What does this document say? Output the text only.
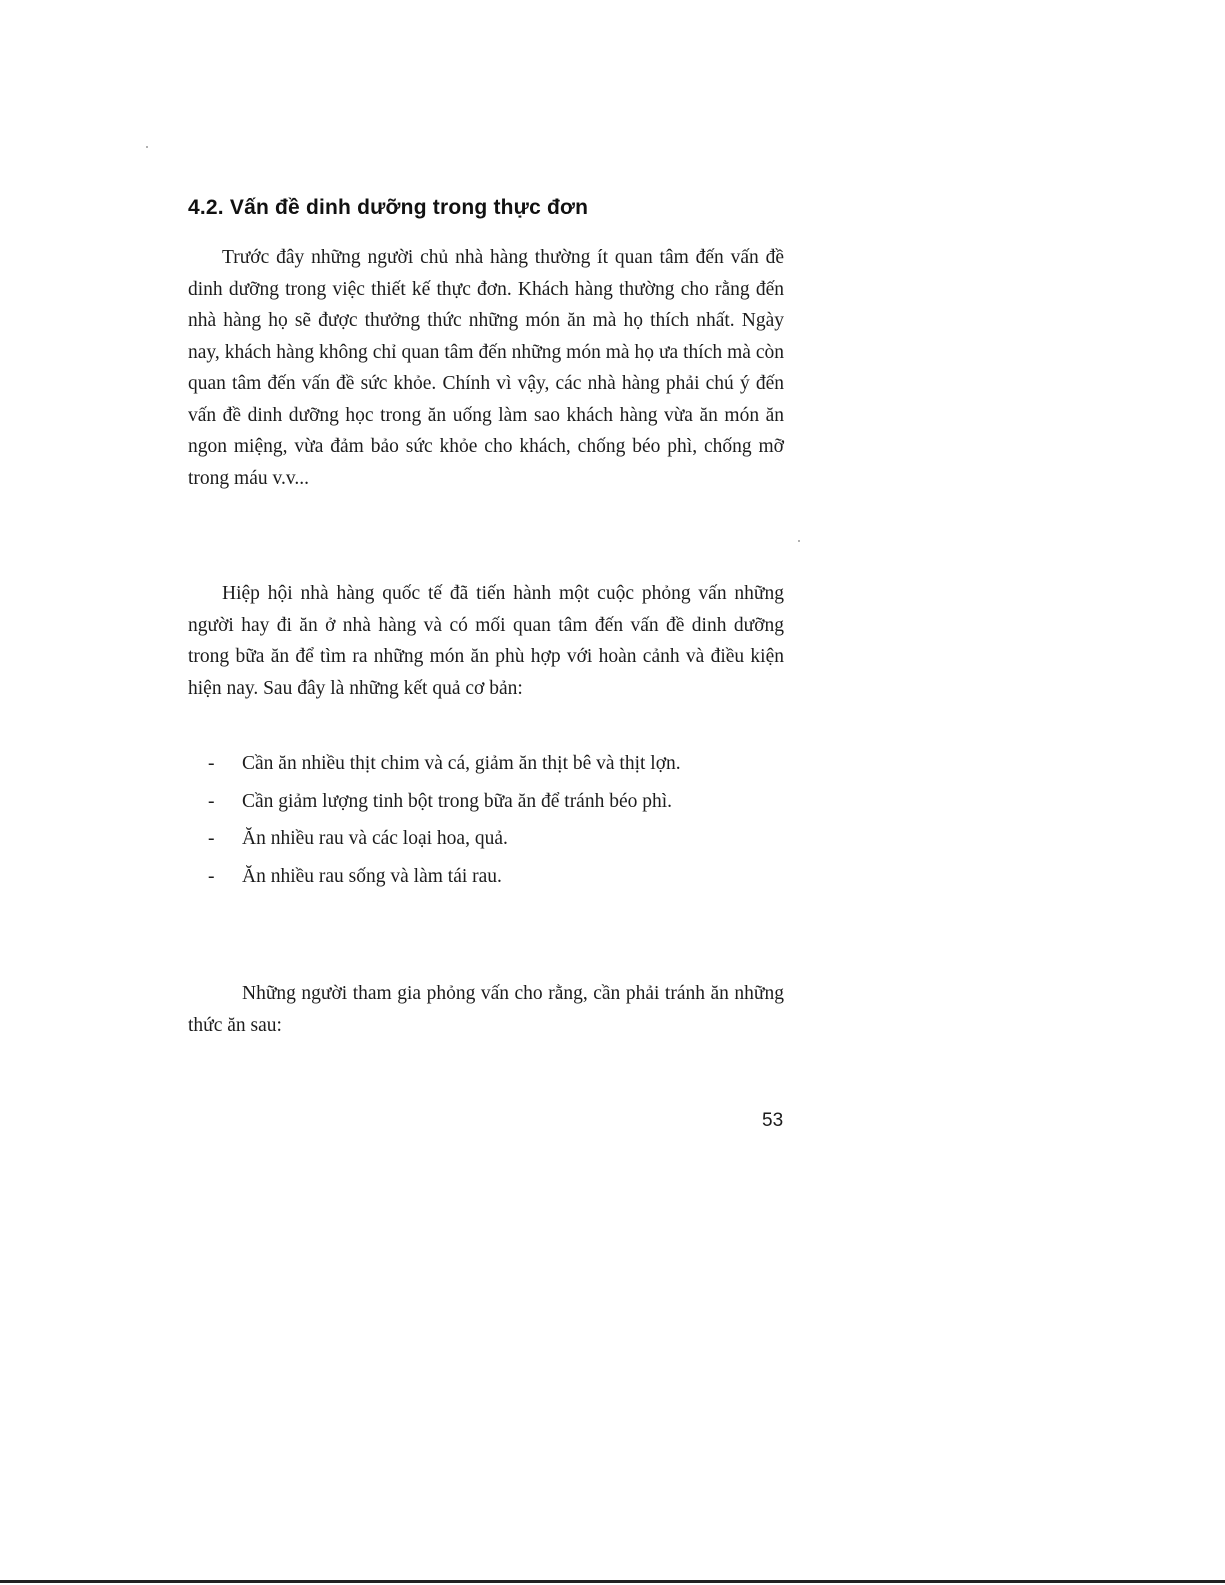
4.2. Vấn đề dinh dưỡng trong thực đơn

Trước đây những người chủ nhà hàng thường ít quan tâm đến vấn đề dinh dưỡng trong việc thiết kế thực đơn. Khách hàng thường cho rằng đến nhà hàng họ sẽ được thưởng thức những món ăn mà họ thích nhất. Ngày nay, khách hàng không chỉ quan tâm đến những món mà họ ưa thích mà còn quan tâm đến vấn đề sức khỏe. Chính vì vậy, các nhà hàng phải chú ý đến vấn đề dinh dưỡng học trong ăn uống làm sao khách hàng vừa ăn món ăn ngon miệng, vừa đảm bảo sức khỏe cho khách, chống béo phì, chống mỡ trong máu v.v...

Hiệp hội nhà hàng quốc tế đã tiến hành một cuộc phỏng vấn những người hay đi ăn ở nhà hàng và có mối quan tâm đến vấn đề dinh dưỡng trong bữa ăn để tìm ra những món ăn phù hợp với hoàn cảnh và điều kiện hiện nay. Sau đây là những kết quả cơ bản:

- Cần ăn nhiều thịt chim và cá, giảm ăn thịt bê và thịt lợn.
- Cần giảm lượng tinh bột trong bữa ăn để tránh béo phì.
- Ăn nhiều rau và các loại hoa, quả.
- Ăn nhiều rau sống và làm tái rau.

Những người tham gia phỏng vấn cho rằng, cần phải tránh ăn những thức ăn sau:

53
